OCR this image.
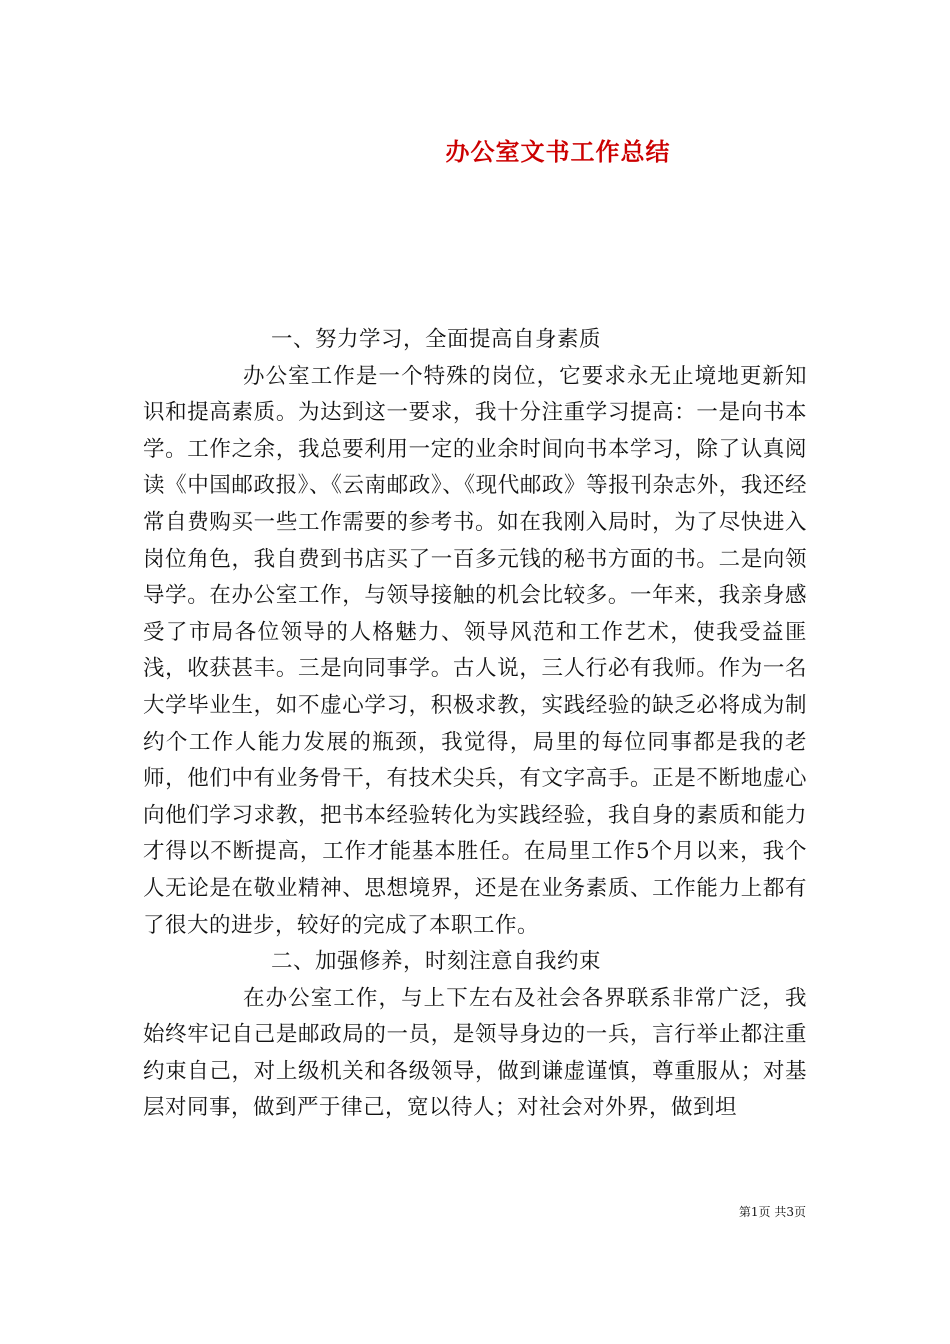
办公室文书工作总结

一、努力学习，全面提高自身素质

办公室工作是一个特殊的岗位，它要求永无止境地更新知识和提高素质。为达到这一要求，我十分注重学习提高：一是向书本学。工作之余，我总要利用一定的业余时间向书本学习，除了认真阅读《中国邮政报》、《云南邮政》、《现代邮政》等报刊杂志外，我还经常自费购买一些工作需要的参考书。如在我刚入局时，为了尽快进入岗位角色，我自费到书店买了一百多元钱的秘书方面的书。二是向领导学。在办公室工作，与领导接触的机会比较多。一年来，我亲身感受了市局各位领导的人格魅力、领导风范和工作艺术，使我受益匪浅，收获甚丰。三是向同事学。古人说，三人行必有我师。作为一名大学毕业生，如不虚心学习，积极求教，实践经验的缺乏必将成为制约个工作人能力发展的瓶颈，我觉得，局里的每位同事都是我的老师，他们中有业务骨干，有技术尖兵，有文字高手。正是不断地虚心向他们学习求教，把书本经验转化为实践经验，我自身的素质和能力才得以不断提高，工作才能基本胜任。在局里工作5个月以来，我个人无论是在敬业精神、思想境界，还是在业务素质、工作能力上都有了很大的进步，较好的完成了本职工作。

二、加强修养，时刻注意自我约束

在办公室工作，与上下左右及社会各界联系非常广泛，我始终牢记自己是邮政局的一员，是领导身边的一兵，言行举止都注重约束自己，对上级机关和各级领导，做到谦虚谨慎，尊重服从；对基层对同事，做到严于律己，宽以待人；对社会对外界，做到坦

第1页 共3页
